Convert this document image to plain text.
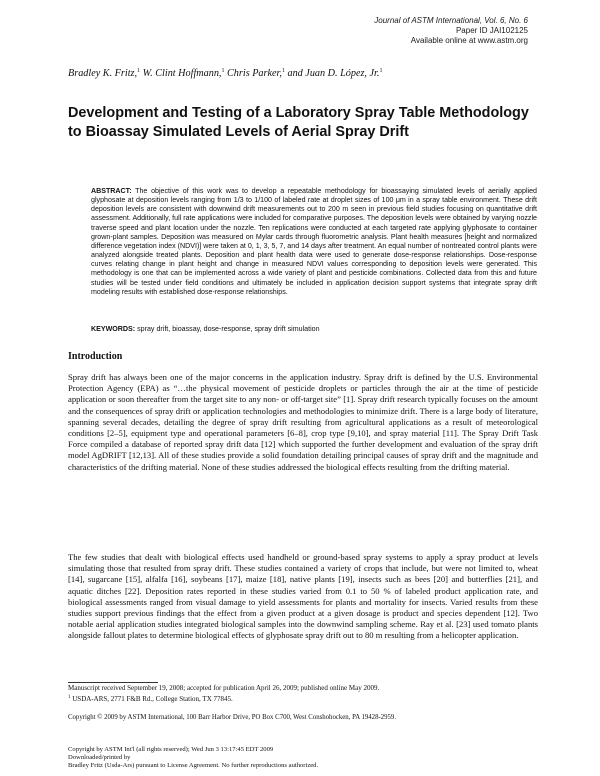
Journal of ASTM International, Vol. 6, No. 6
Paper ID JAI102125
Available online at www.astm.org
Bradley K. Fritz,$^1$ W. Clint Hoffmann,$^1$ Chris Parker,$^1$ and Juan D. López, Jr.$^1$
Development and Testing of a Laboratory Spray Table Methodology to Bioassay Simulated Levels of Aerial Spray Drift

ABSTRACT: The objective of this work was to develop a repeatable methodology for bioassaying simulated levels of aerially applied glyphosate at deposition levels ranging from 1/3 to 1/100 of labeled rate at droplet sizes of 100 μm in a spray table environment. These drift deposition levels are consistent with downwind drift measurements out to 200 m seen in previous field studies focusing on quantitative drift assessment. Additionally, full rate applications were included for comparative purposes. The deposition levels were obtained by varying nozzle traverse speed and plant location under the nozzle. Ten replications were conducted at each targeted rate applying glyphosate to container grown-plant samples. Deposition was measured on Mylar cards through fluorometric analysis. Plant health measures [height and normalized difference vegetation index (NDVI)] were taken at 0, 1, 3, 5, 7, and 14 days after treatment. An equal number of nontreated control plants were analyzed alongside treated plants. Deposition and plant health data were used to generate dose-response relationships. Dose-response curves relating change in plant height and change in measured NDVI values corresponding to deposition levels were generated. This methodology is one that can be implemented across a wide variety of plant and pesticide combinations. Collected data from this and future studies will be tested under field conditions and ultimately be included in application decision support systems that integrate spray drift modeling results with established dose-response relationships.

KEYWORDS: spray drift, bioassay, dose-response, spray drift simulation

Introduction

Spray drift has always been one of the major concerns in the application industry. Spray drift is defined by the U.S. Environmental Protection Agency (EPA) as “…the physical movement of pesticide droplets or particles through the air at the time of pesticide application or soon thereafter from the target site to any non- or off-target site” [1]. Spray drift research typically focuses on the amount and the consequences of spray drift or application technologies and methodologies to minimize drift. There is a large body of literature, spanning several decades, detailing the degree of spray drift resulting from agricultural applications as a result of meteorological conditions [2–5], equipment type and operational parameters [6–8], crop type [9,10], and spray material [11]. The Spray Drift Task Force compiled a database of reported spray drift data [12] which supported the further development and evaluation of the spray drift model AgDRIFT [12,13]. All of these studies provide a solid foundation detailing principal causes of spray drift and the magnitude and characteristics of the drifting material. None of these studies addressed the biological effects resulting from the drifting material.

The few studies that dealt with biological effects used handheld or ground-based spray systems to apply a spray product at levels simulating those that resulted from spray drift. These studies contained a variety of crops that include, but were not limited to, wheat [14], sugarcane [15], alfalfa [16], soybeans [17], maize [18], native plants [19], insects such as bees [20] and butterflies [21], and aquatic ditches [22]. Deposition rates reported in these studies varied from 0.1 to 50 % of labeled product application rate, and biological assessments ranged from visual damage to yield assessments for plants and mortality for insects. Varied results from these studies support previous findings that the effect from a given product at a given dosage is product and species dependent [12]. Two notable aerial application studies integrated biological samples into the downwind sampling scheme. Ray et al. [23] used tomato plants alongside fallout plates to determine biological effects of glyphosate spray drift out to 80 m resulting from a helicopter application.

Manuscript received September 19, 2008; accepted for publication April 26, 2009; published online May 2009.
$^1$ USDA-ARS, 2771 F&B Rd., College Station, TX 77845.
Copyright © 2009 by ASTM International, 100 Barr Harbor Drive, PO Box C700, West Conshohocken, PA 19428-2959.
Copyright by ASTM Int'l (all rights reserved); Wed Jun 3 13:17:45 EDT 2009
Downloaded/printed by
Bradley Fritz (Usda-Ars) pursuant to License Agreement. No further reproductions authorized.
